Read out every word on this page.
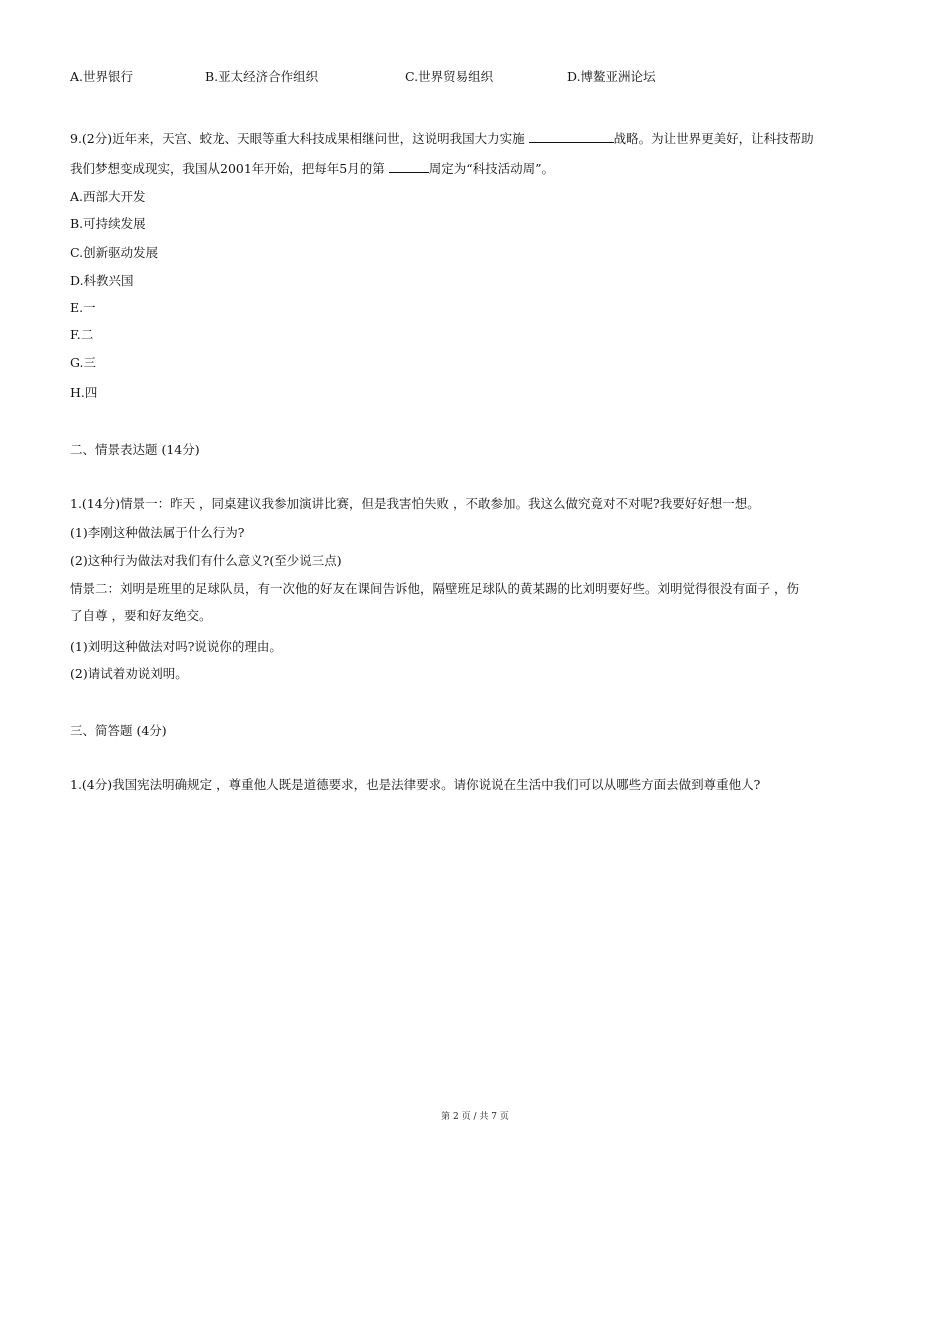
A.世界银行	B.亚太经济合作组织	C.世界贸易组织	D.博鳌亚洲论坛
9.(2分)近年来，天宫、蛟龙、天眼等重大科技成果相继问世，这说明我国大力实施	战略。为让世界更美好，让科技帮助
我们梦想变成现实，我国从2001年开始，把每年5月的第	周定为“科技活动周”。
A.西部大开发
B.可持续发展
C.创新驱动发展
D.科教兴国
E.一
F.二
G.三
H.四
二、情景表达题 (14分)
1.(14分)情景一：昨天 ，同桌建议我参加演讲比赛，但是我害怕失败 ，不敢参加。我这么做究竟对不对呢?我要好好想一想。
(1)李刚这种做法属于什么行为?
(2)这种行为做法对我们有什么意义?(至少说三点)
情景二：刘明是班里的足球队员，有一次他的好友在课间告诉他，隔壁班足球队的黄某踢的比刘明要好些。刘明觉得很没有面子 ，伤
了自尊 ，要和好友绝交。
(1)刘明这种做法对吗?说说你的理由。
(2)请试着劝说刘明。
三、简答题 (4分)
1.(4分)我国宪法明确规定 ，尊重他人既是道德要求，也是法律要求。请你说说在生活中我们可以从哪些方面去做到尊重他人?
第 2 页 / 共 7 页
